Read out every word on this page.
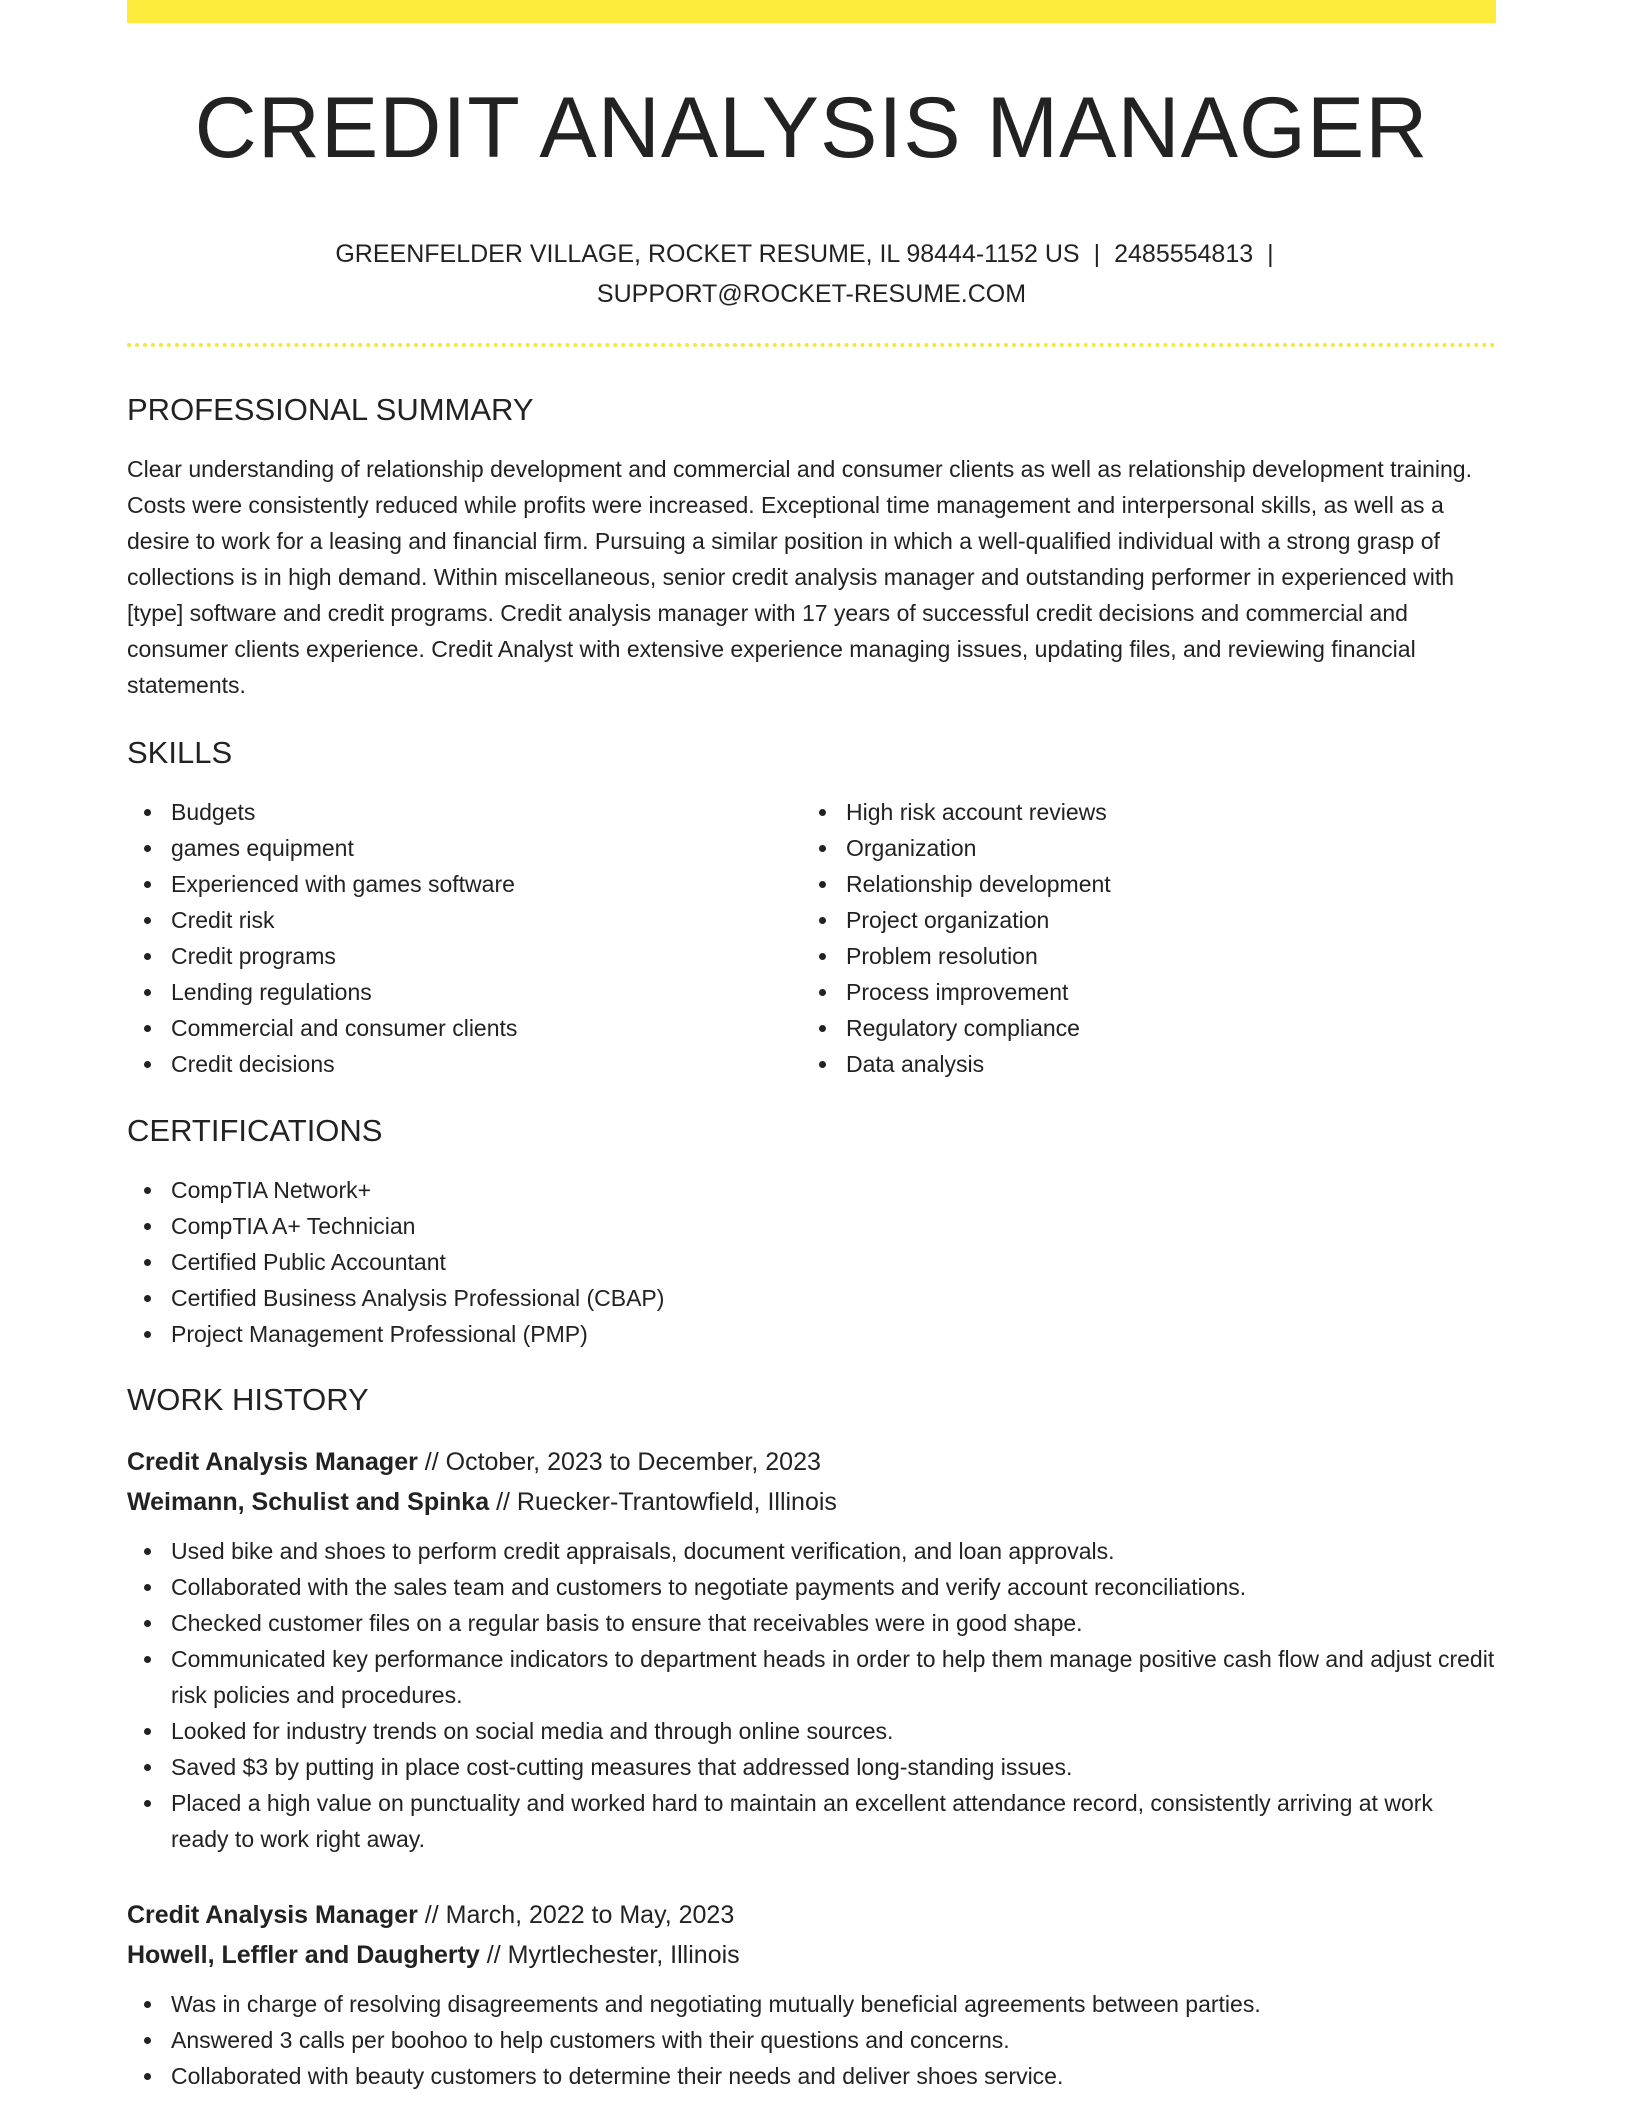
CREDIT ANALYSIS MANAGER
GREENFELDER VILLAGE, ROCKET RESUME, IL 98444-1152 US | 2485554813 |
SUPPORT@ROCKET-RESUME.COM
PROFESSIONAL SUMMARY

Clear understanding of relationship development and commercial and consumer clients as well as relationship development training. Costs were consistently reduced while profits were increased. Exceptional time management and interpersonal skills, as well as a desire to work for a leasing and financial firm. Pursuing a similar position in which a well-qualified individual with a strong grasp of collections is in high demand. Within miscellaneous, senior credit analysis manager and outstanding performer in experienced with [type] software and credit programs. Credit analysis manager with 17 years of successful credit decisions and commercial and consumer clients experience. Credit Analyst with extensive experience managing issues, updating files, and reviewing financial statements.

SKILLS
Budgets
games equipment
Experienced with games software
Credit risk
Credit programs
Lending regulations
Commercial and consumer clients
Credit decisions
High risk account reviews
Organization
Relationship development
Project organization
Problem resolution
Process improvement
Regulatory compliance
Data analysis
CERTIFICATIONS
CompTIA Network+
CompTIA A+ Technician
Certified Public Accountant
Certified Business Analysis Professional (CBAP)
Project Management Professional (PMP)
WORK HISTORY
Credit Analysis Manager // October, 2023 to December, 2023
Weimann, Schulist and Spinka // Ruecker-Trantowfield, Illinois
Used bike and shoes to perform credit appraisals, document verification, and loan approvals.
Collaborated with the sales team and customers to negotiate payments and verify account reconciliations.
Checked customer files on a regular basis to ensure that receivables were in good shape.
Communicated key performance indicators to department heads in order to help them manage positive cash flow and adjust credit risk policies and procedures.
Looked for industry trends on social media and through online sources.
Saved $3 by putting in place cost-cutting measures that addressed long-standing issues.
Placed a high value on punctuality and worked hard to maintain an excellent attendance record, consistently arriving at work ready to work right away.
Credit Analysis Manager // March, 2022 to May, 2023
Howell, Leffler and Daugherty // Myrtlechester, Illinois
Was in charge of resolving disagreements and negotiating mutually beneficial agreements between parties.
Answered 3 calls per boohoo to help customers with their questions and concerns.
Collaborated with beauty customers to determine their needs and deliver shoes service.
